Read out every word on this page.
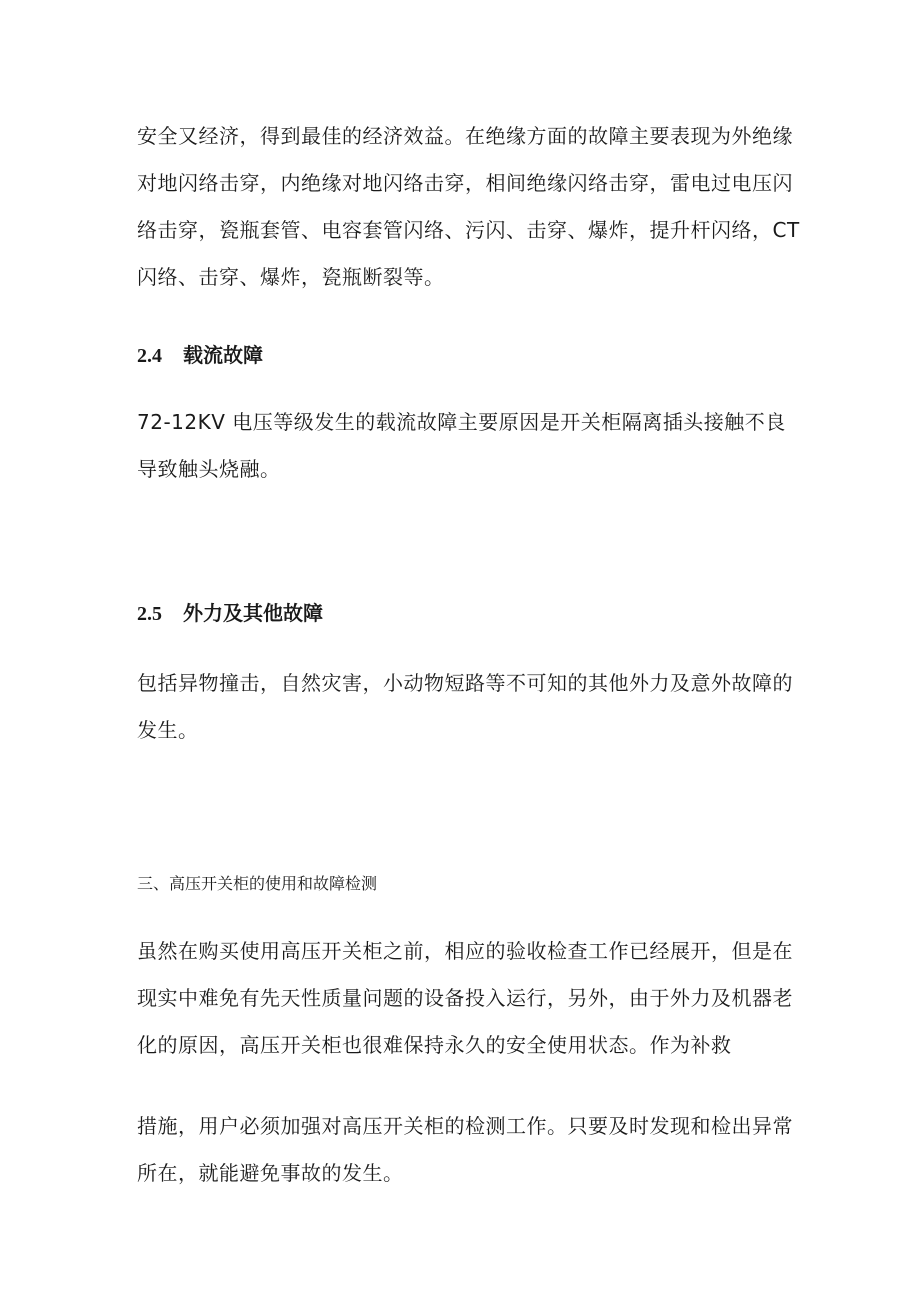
安全又经济，得到最佳的经济效益。在绝缘方面的故障主要表现为外绝缘
对地闪络击穿，内绝缘对地闪络击穿，相间绝缘闪络击穿，雷电过电压闪
络击穿，瓷瓶套管、电容套管闪络、污闪、击穿、爆炸，提升杆闪络，CT
闪络、击穿、爆炸，瓷瓶断裂等。
2.4 载流故障
72-12KV 电压等级发生的载流故障主要原因是开关柜隔离插头接触不良
导致触头烧融。
2.5 外力及其他故障
包括异物撞击，自然灾害，小动物短路等不可知的其他外力及意外故障的
发生。
三、高压开关柜的使用和故障检测
虽然在购买使用高压开关柜之前，相应的验收检查工作已经展开，但是在
现实中难免有先天性质量问题的设备投入运行，另外，由于外力及机器老
化的原因，高压开关柜也很难保持永久的安全使用状态。作为补救
措施，用户必须加强对高压开关柜的检测工作。只要及时发现和检出异常
所在，就能避免事故的发生。
